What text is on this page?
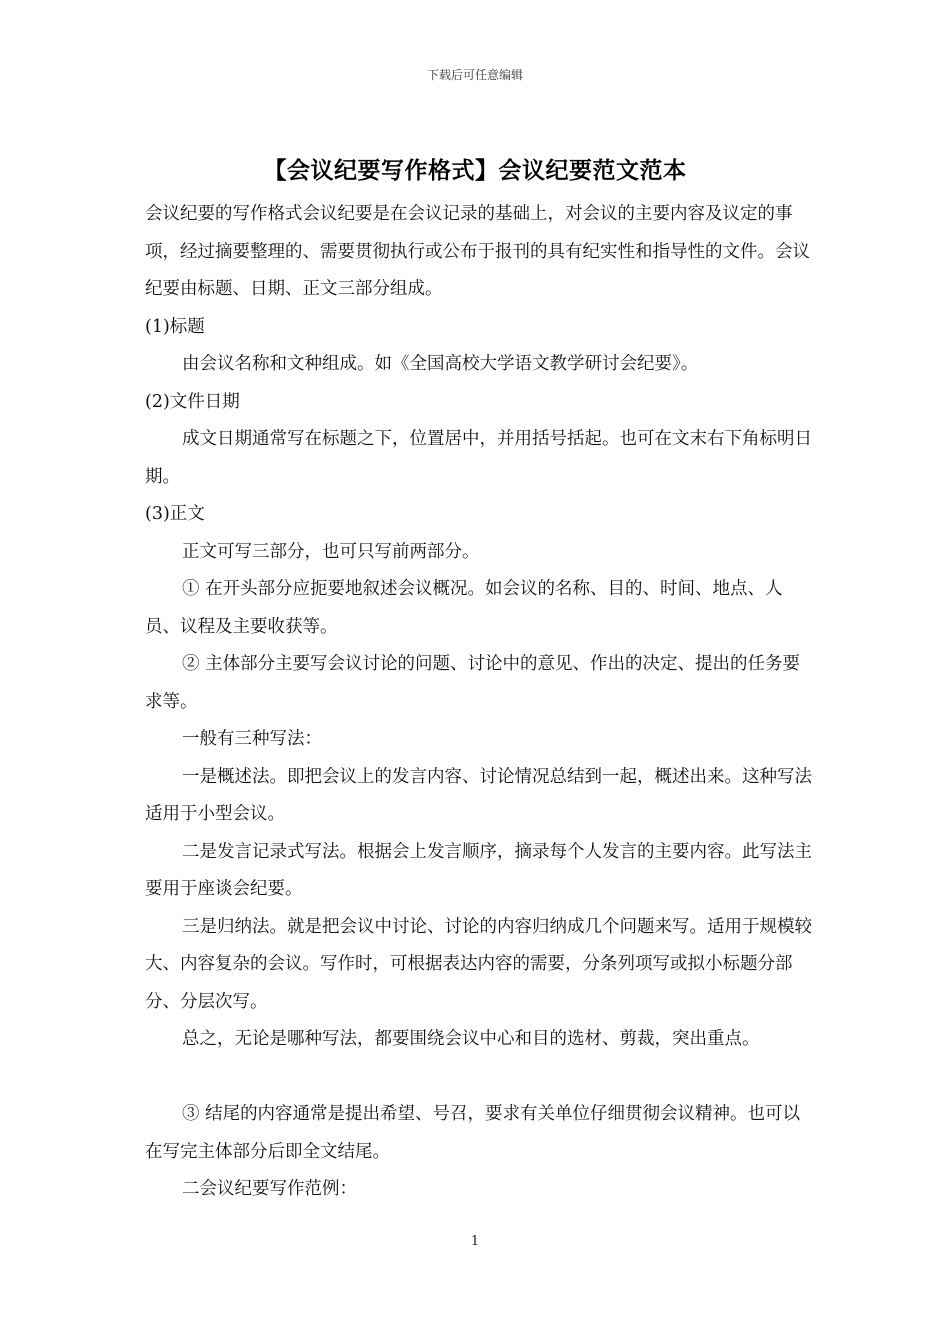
下载后可任意编辑
【会议纪要写作格式】会议纪要范文范本

会议纪要的写作格式会议纪要是在会议记录的基础上，对会议的主要内容及议定的事项，经过摘要整理的、需要贯彻执行或公布于报刊的具有纪实性和指导性的文件。会议纪要由标题、日期、正文三部分组成。

(1)标题

由会议名称和文种组成。如《全国高校大学语文教学研讨会纪要》。

(2)文件日期

成文日期通常写在标题之下，位置居中，并用括号括起。也可在文末右下角标明日期。

(3)正文

正文可写三部分，也可只写前两部分。

① 在开头部分应扼要地叙述会议概况。如会议的名称、目的、时间、地点、人员、议程及主要收获等。

② 主体部分主要写会议讨论的问题、讨论中的意见、作出的决定、提出的任务要求等。

一般有三种写法：

一是概述法。即把会议上的发言内容、讨论情况总结到一起，概述出来。这种写法适用于小型会议。

二是发言记录式写法。根据会上发言顺序，摘录每个人发言的主要内容。此写法主要用于座谈会纪要。

三是归纳法。就是把会议中讨论、讨论的内容归纳成几个问题来写。适用于规模较大、内容复杂的会议。写作时，可根据表达内容的需要，分条列项写或拟小标题分部分、分层次写。

总之，无论是哪种写法，都要围绕会议中心和目的选材、剪裁，突出重点。

③ 结尾的内容通常是提出希望、号召，要求有关单位仔细贯彻会议精神。也可以在写完主体部分后即全文结尾。

二会议纪要写作范例：

1
